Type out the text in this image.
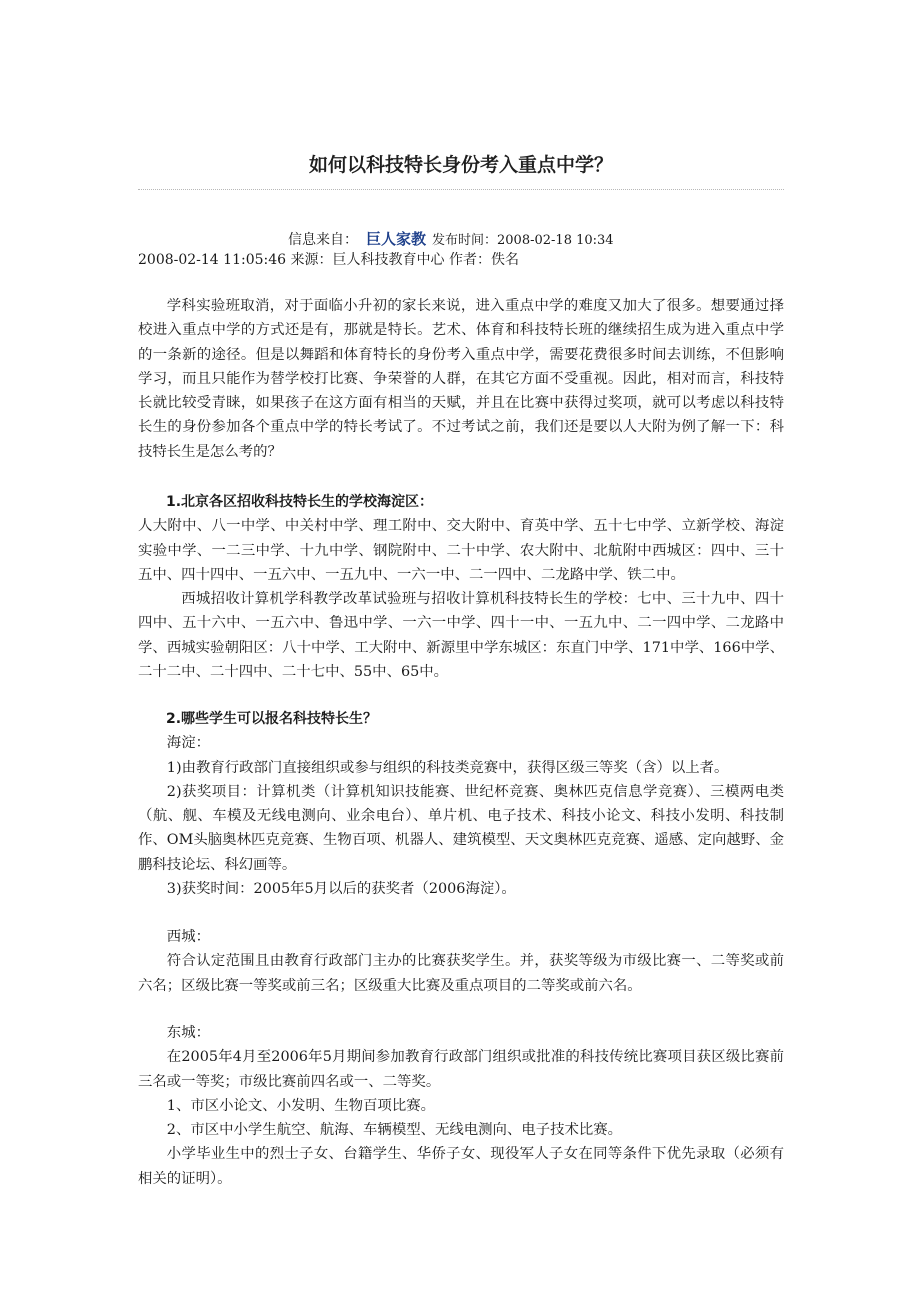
如何以科技特长身份考入重点中学？
信息来自： 巨人家教 发布时间：2008-02-18 10:34
2008-02-14 11:05:46 来源：巨人科技教育中心 作者：佚名

学科实验班取消，对于面临小升初的家长来说，进入重点中学的难度又加大了很多。想要通过择校进入重点中学的方式还是有，那就是特长。艺术、体育和科技特长班的继续招生成为进入重点中学的一条新的途径。但是以舞蹈和体育特长的身份考入重点中学，需要花费很多时间去训练，不但影响学习，而且只能作为替学校打比赛、争荣誉的人群，在其它方面不受重视。因此，相对而言，科技特长就比较受青睐，如果孩子在这方面有相当的天赋，并且在比赛中获得过奖项，就可以考虑以科技特长生的身份参加各个重点中学的特长考试了。不过考试之前，我们还是要以人大附为例了解一下：科技特长生是怎么考的？

1.北京各区招收科技特长生的学校海淀区：

人大附中、八一中学、中关村中学、理工附中、交大附中、育英中学、五十七中学、立新学校、海淀实验中学、一二三中学、十九中学、钢院附中、二十中学、农大附中、北航附中西城区：四中、三十五中、四十四中、一五六中、一五九中、一六一中、二一四中、二龙路中学、铁二中。

西城招收计算机学科教学改革试验班与招收计算机科技特长生的学校：七中、三十九中、四十四中、五十六中、一五六中、鲁迅中学、一六一中学、四十一中、一五九中、二一四中学、二龙路中学、西城实验朝阳区：八十中学、工大附中、新源里中学东城区：东直门中学、171中学、166中学、二十二中、二十四中、二十七中、55中、65中。

2.哪些学生可以报名科技特长生？

海淀：

1)由教育行政部门直接组织或参与组织的科技类竞赛中，获得区级三等奖（含）以上者。

2)获奖项目：计算机类（计算机知识技能赛、世纪杯竞赛、奥林匹克信息学竞赛）、三模两电类（航、舰、车模及无线电测向、业余电台）、单片机、电子技术、科技小论文、科技小发明、科技制作、OM头脑奥林匹克竞赛、生物百项、机器人、建筑模型、天文奥林匹克竞赛、遥感、定向越野、金鹏科技论坛、科幻画等。

3)获奖时间：2005年5月以后的获奖者（2006海淀）。

西城：

符合认定范围且由教育行政部门主办的比赛获奖学生。并，获奖等级为市级比赛一、二等奖或前六名；区级比赛一等奖或前三名；区级重大比赛及重点项目的二等奖或前六名。

东城：

在2005年4月至2006年5月期间参加教育行政部门组织或批准的科技传统比赛项目获区级比赛前三名或一等奖；市级比赛前四名或一、二等奖。

1、市区小论文、小发明、生物百项比赛。

2、市区中小学生航空、航海、车辆模型、无线电测向、电子技术比赛。

小学毕业生中的烈士子女、台籍学生、华侨子女、现役军人子女在同等条件下优先录取（必须有相关的证明）。
